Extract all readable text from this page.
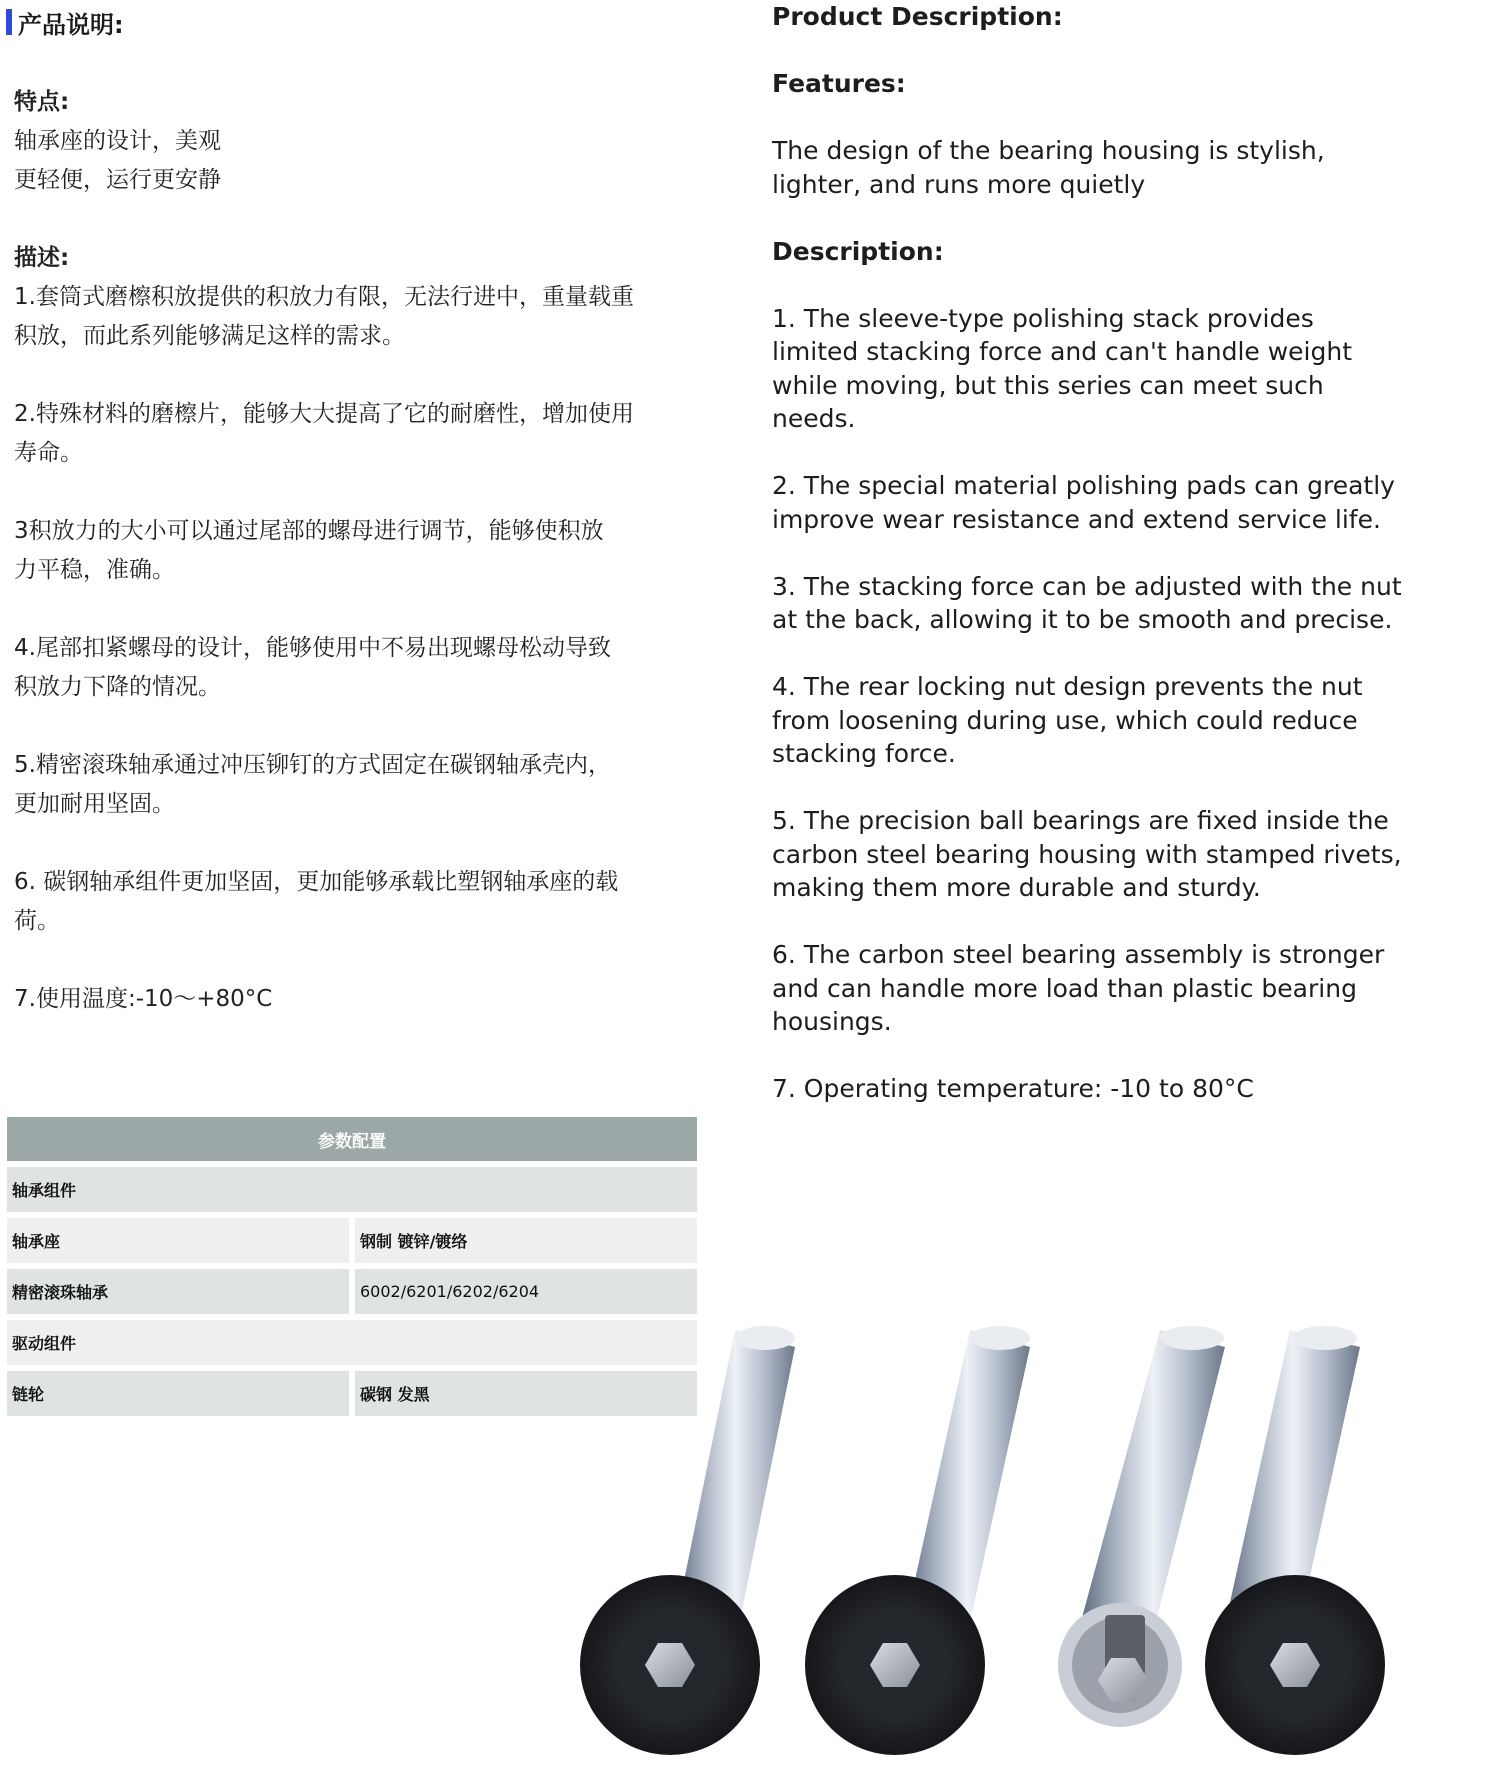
产品说明:

特点:

轴承座的设计，美观

更轻便，运行更安静

描述:

1.套筒式磨檫积放提供的积放力有限，无法行进中，重量载重

积放，而此系列能够满足这样的需求。

2.特殊材料的磨檫片，能够大大提高了它的耐磨性，增加使用

寿命。

3积放力的大小可以通过尾部的螺母进行调节，能够使积放

力平稳，准确。

4.尾部扣紧螺母的设计，能够使用中不易出现螺母松动导致

积放力下降的情况。

5.精密滚珠轴承通过冲压铆钉的方式固定在碳钢轴承壳内，

更加耐用坚固。

6. 碳钢轴承组件更加坚固，更加能够承载比塑钢轴承座的载

荷。

7.使用温度:-10～+80°C

Product Description:

Features:

The design of the bearing housing is stylish,

lighter, and runs more quietly

Description:

1. The sleeve-type polishing stack provides

limited stacking force and can't handle weight

while moving, but this series can meet such

needs.

2. The special material polishing pads can greatly

improve wear resistance and extend service life.

3. The stacking force can be adjusted with the nut

at the back, allowing it to be smooth and precise.

4. The rear locking nut design prevents the nut

from loosening during use, which could reduce

stacking force.

5. The precision ball bearings are fixed inside the

carbon steel bearing housing with stamped rivets,

making them more durable and sturdy.

6. The carbon steel bearing assembly is stronger

and can handle more load than plastic bearing

housings.

7. Operating temperature: -10 to 80°C

参数配置
轴承组件
轴承座	钢制 镀锌/镀络
精密滚珠轴承	6002/6201/6202/6204
驱动组件
链轮	碳钢 发黑
